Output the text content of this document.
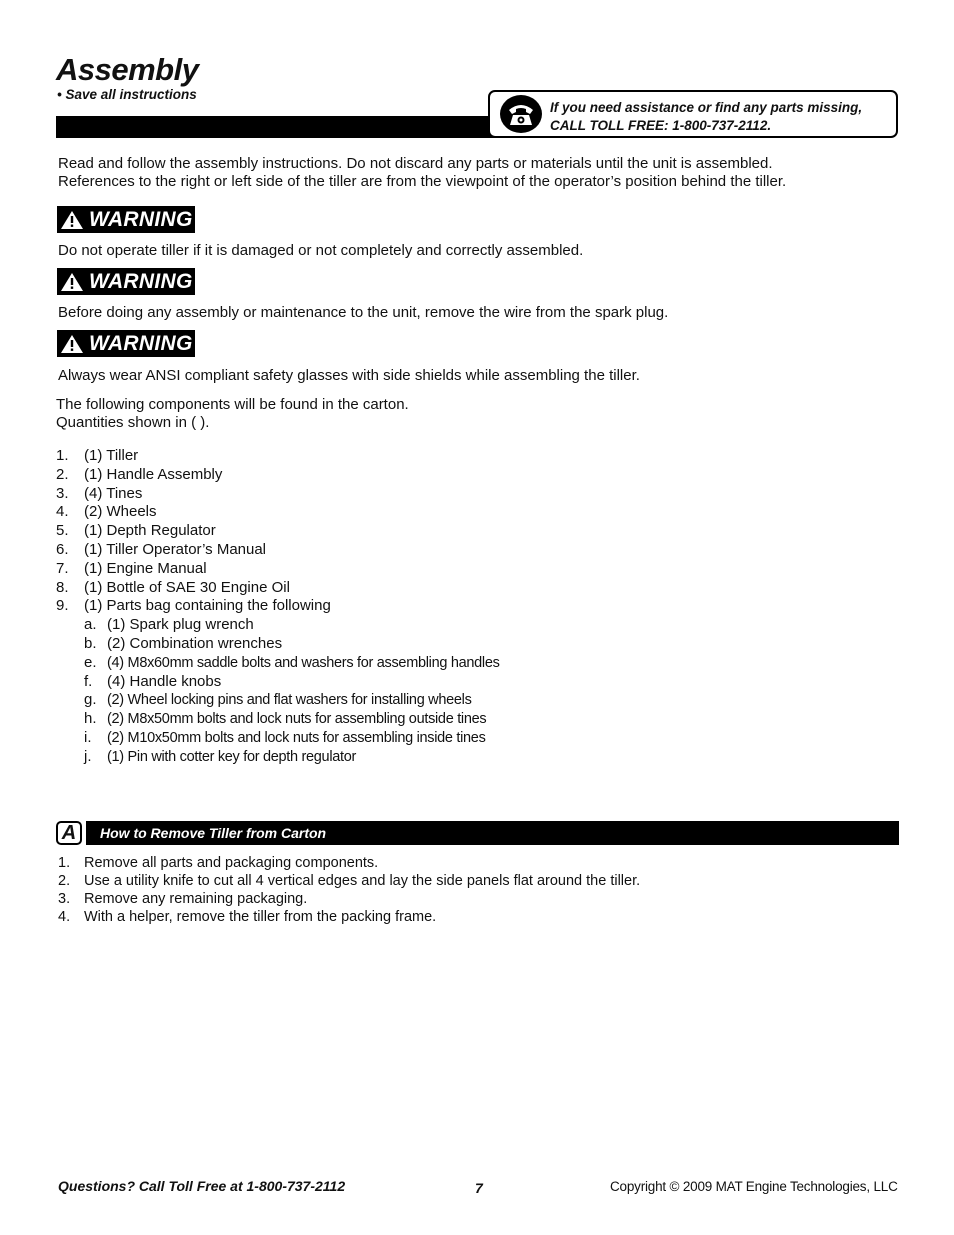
Assembly
• Save all instructions
If you need assistance or find any parts missing, CALL TOLL FREE: 1-800-737-2112.
Read and follow the assembly instructions. Do not discard any parts or materials until the unit is assembled.
References to the right or left side of the tiller are from the viewpoint of the operator’s position behind the tiller.
WARNING
Do not operate tiller if it is damaged or not completely and correctly assembled.
WARNING
Before doing any assembly or maintenance to the unit, remove the wire from the spark plug.
WARNING
Always wear ANSI compliant safety glasses with side shields while assembling the tiller.
The following components will be found in the carton.
Quantities shown in ( ).
1. (1) Tiller
2. (1) Handle Assembly
3. (4) Tines
4. (2) Wheels
5. (1) Depth Regulator
6. (1) Tiller Operator’s Manual
7. (1) Engine Manual
8. (1) Bottle of SAE 30 Engine Oil
9. (1) Parts bag containing the following
a. (1) Spark plug wrench
b. (2) Combination wrenches
e. (4) M8x60mm saddle bolts and washers for assembling handles
f. (4) Handle knobs
g. (2) Wheel locking pins and flat washers for installing wheels
h. (2) M8x50mm bolts and lock nuts for assembling outside tines
i. (2) M10x50mm bolts and lock nuts for assembling inside tines
j. (1) Pin with cotter key for depth regulator
A	How to Remove Tiller from Carton
1. Remove all parts and packaging components.
2. Use a utility knife to cut all 4 vertical edges and lay the side panels flat around the tiller.
3. Remove any remaining packaging.
4. With a helper, remove the tiller from the packing frame.
Questions? Call Toll Free at 1-800-737-2112	7	Copyright © 2009 MAT Engine Technologies, LLC
